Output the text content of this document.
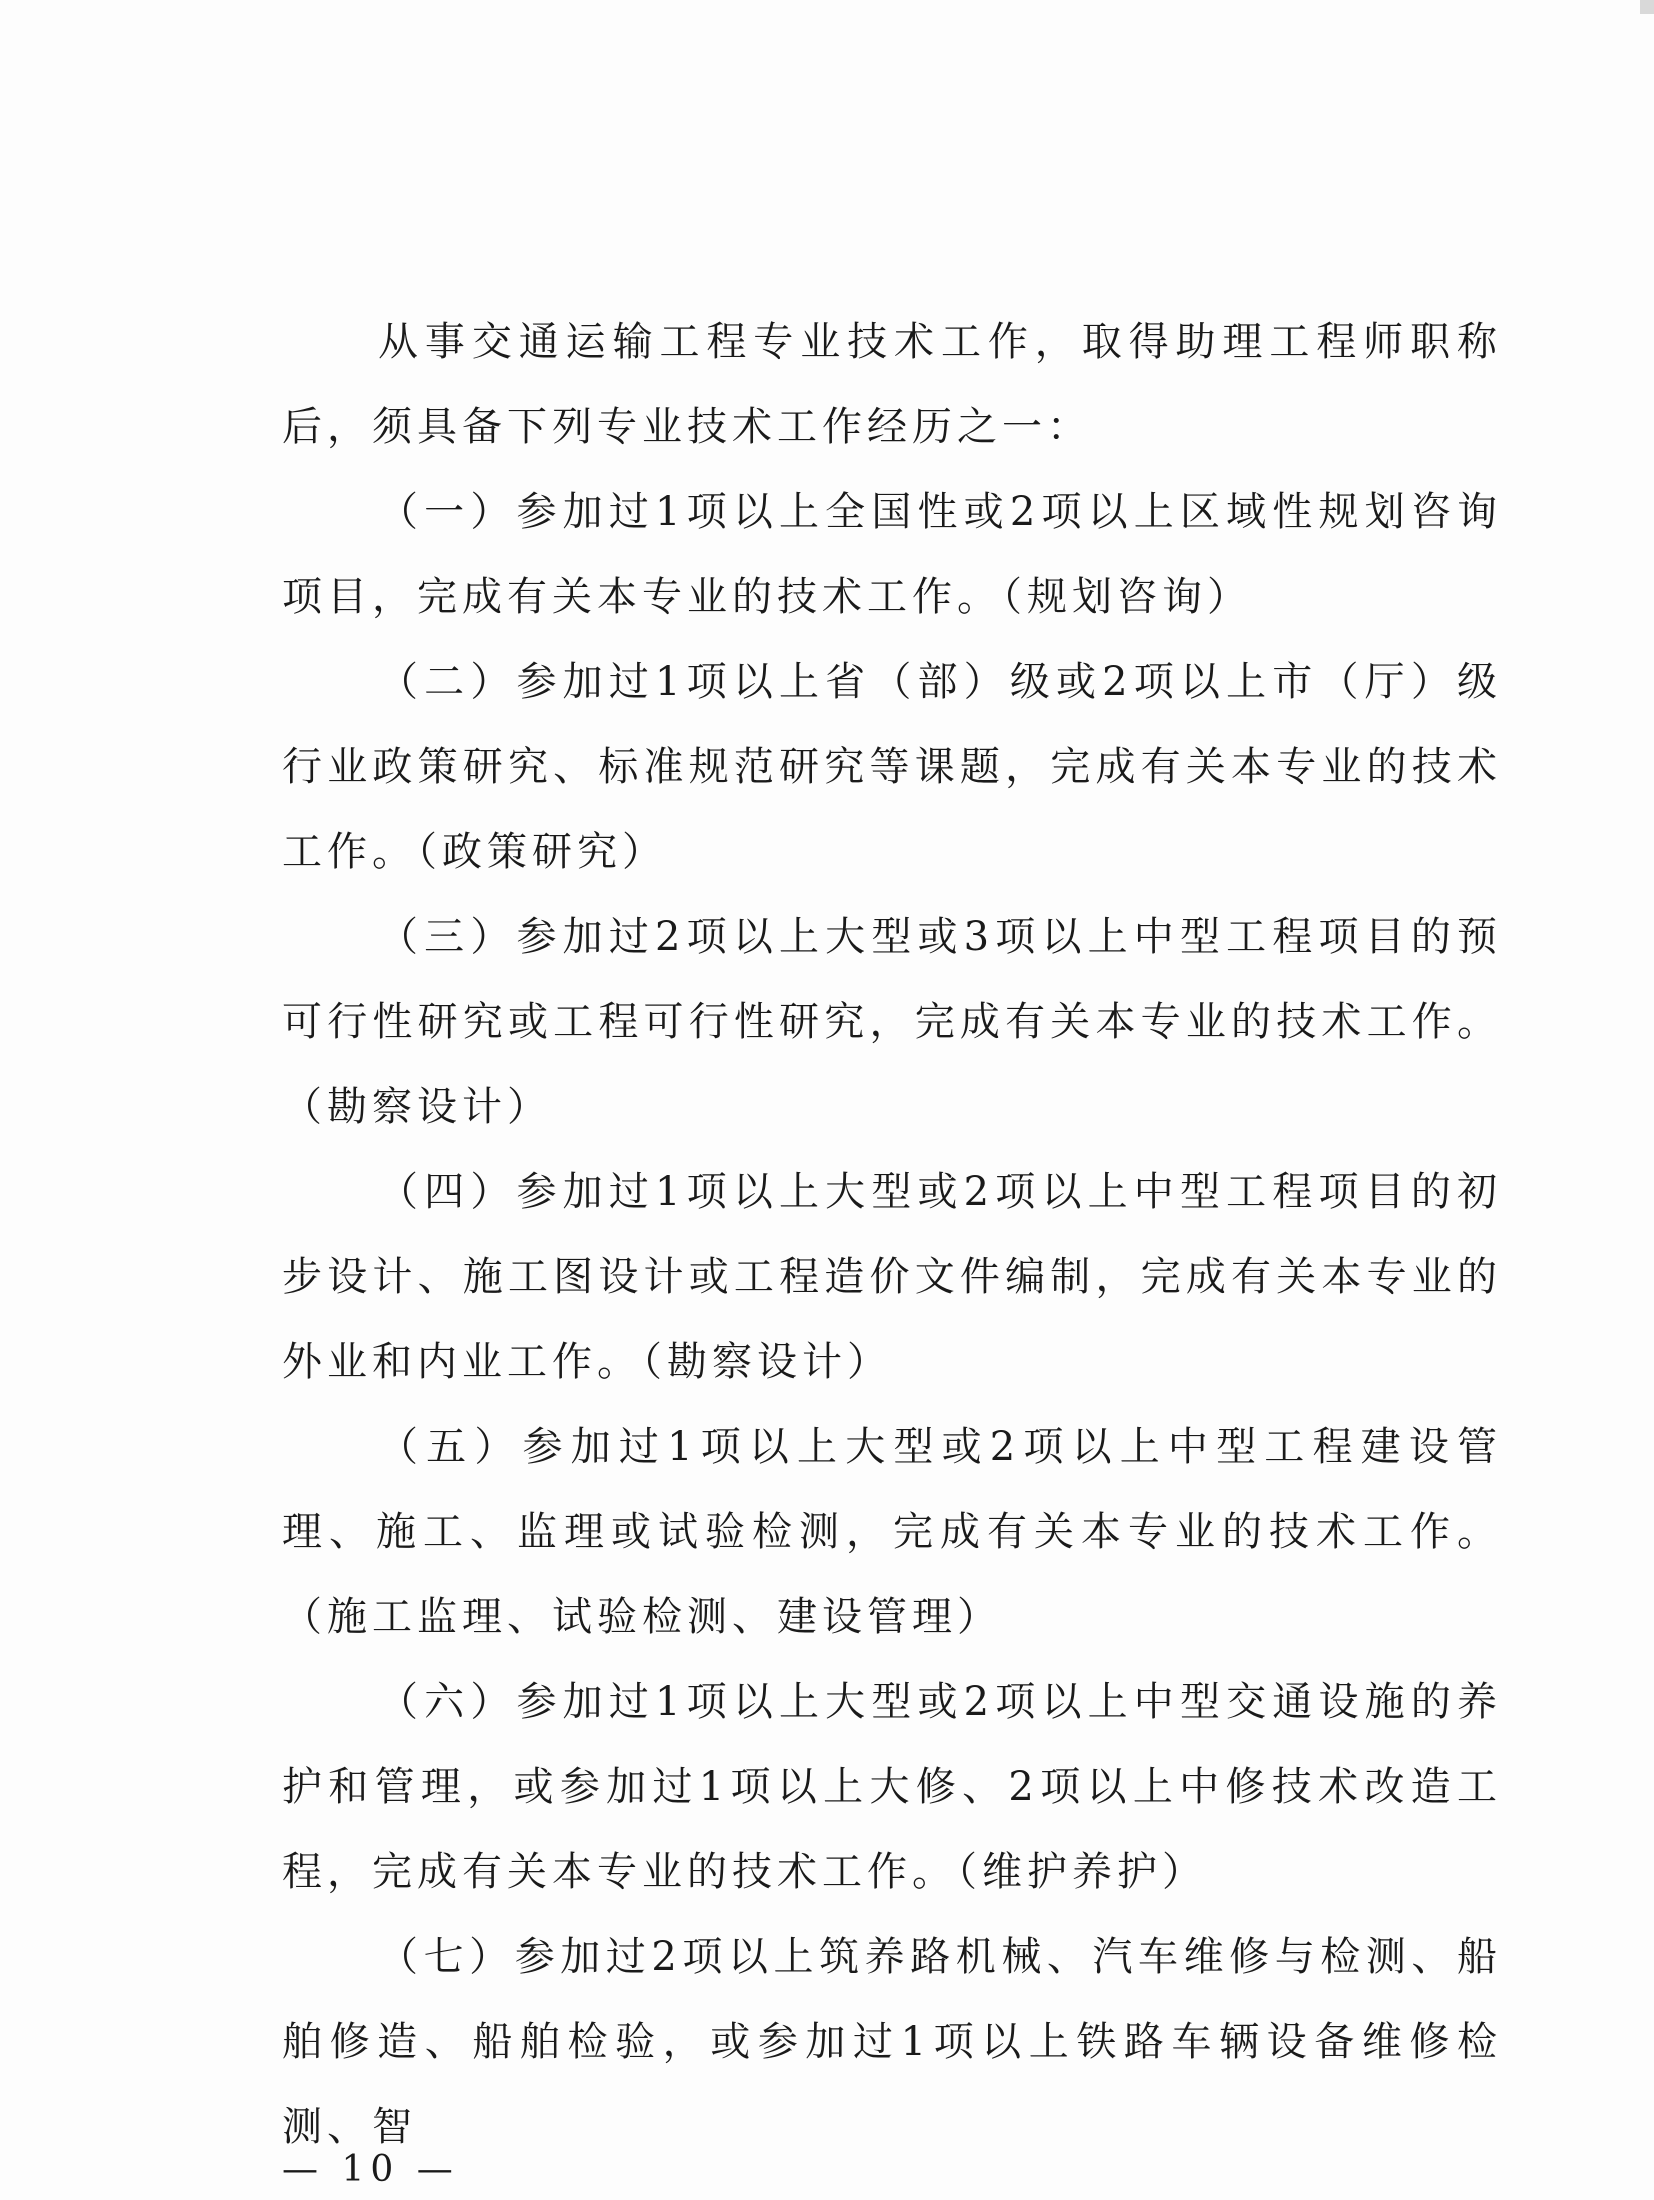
从事交通运输工程专业技术工作，取得助理工程师职称后，须具备下列专业技术工作经历之一：

（一）参加过1项以上全国性或2项以上区域性规划咨询项目，完成有关本专业的技术工作。（规划咨询）

（二）参加过1项以上省（部）级或2项以上市（厅）级行业政策研究、标准规范研究等课题，完成有关本专业的技术工作。（政策研究）

（三）参加过2项以上大型或3项以上中型工程项目的预可行性研究或工程可行性研究，完成有关本专业的技术工作。（勘察设计）

（四）参加过1项以上大型或2项以上中型工程项目的初步设计、施工图设计或工程造价文件编制，完成有关本专业的外业和内业工作。（勘察设计）

（五）参加过1项以上大型或2项以上中型工程建设管理、施工、监理或试验检测，完成有关本专业的技术工作。（施工监理、试验检测、建设管理）

（六）参加过1项以上大型或2项以上中型交通设施的养护和管理，或参加过1项以上大修、2项以上中修技术改造工程，完成有关本专业的技术工作。（维护养护）

（七）参加过2项以上筑养路机械、汽车维修与检测、船舶修造、船舶检验，或参加过1项以上铁路车辆设备维修检测、智

— 10 —
